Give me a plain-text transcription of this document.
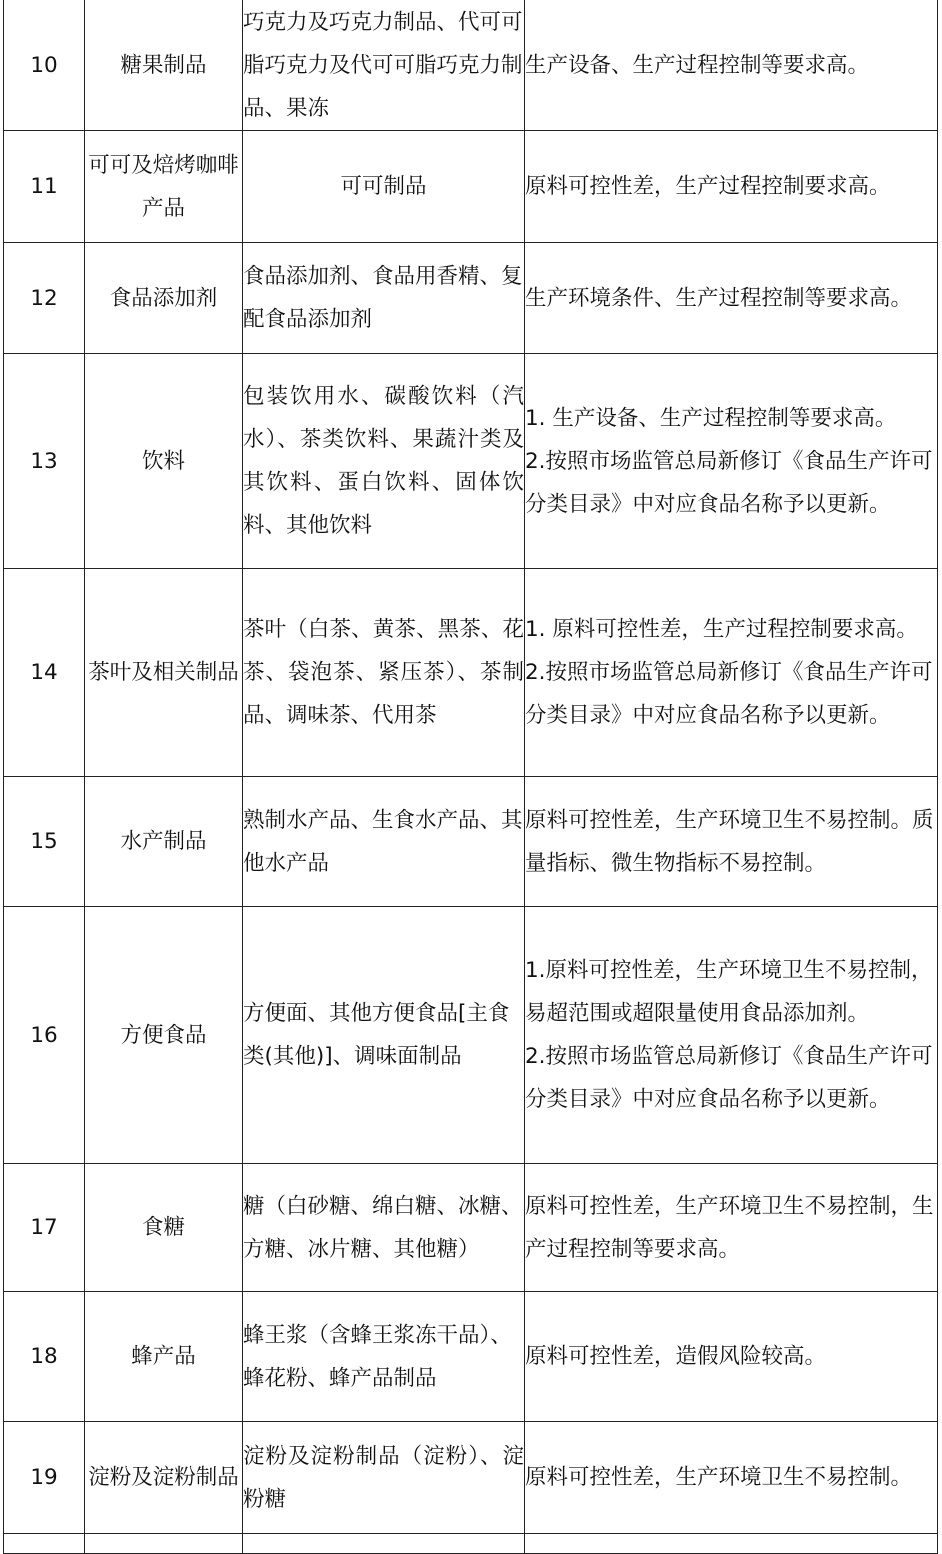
10	糖果制品	巧克力及巧克力制品、代可可脂巧克力及代可可脂巧克力制品、果冻	生产设备、生产过程控制等要求高。

11	可可及焙烤咖啡产品	可可制品	原料可控性差，生产过程控制要求高。

12	食品添加剂	食品添加剂、食品用香精、复配食品添加剂	生产环境条件、生产过程控制等要求高。

13	饮料	包装饮用水、碳酸饮料（汽水）、茶类饮料、果蔬汁类及其饮料、蛋白饮料、固体饮料、其他饮料	1. 生产设备、生产过程控制等要求高。
2.按照市场监管总局新修订《食品生产许可分类目录》中对应食品名称予以更新。

14	茶叶及相关制品	茶叶（白茶、黄茶、黑茶、花茶、袋泡茶、紧压茶）、茶制品、调味茶、代用茶	1. 原料可控性差，生产过程控制要求高。
2.按照市场监管总局新修订《食品生产许可分类目录》中对应食品名称予以更新。

15	水产制品	熟制水产品、生食水产品、其他水产品	原料可控性差，生产环境卫生不易控制。质量指标、微生物指标不易控制。

16	方便食品	方便面、其他方便食品[主食类(其他)]、调味面制品	1.原料可控性差，生产环境卫生不易控制，易超范围或超限量使用食品添加剂。
2.按照市场监管总局新修订《食品生产许可分类目录》中对应食品名称予以更新。

17	食糖	糖（白砂糖、绵白糖、冰糖、方糖、冰片糖、其他糖）	原料可控性差，生产环境卫生不易控制，生产过程控制等要求高。

18	蜂产品	蜂王浆（含蜂王浆冻干品）、蜂花粉、蜂产品制品	原料可控性差，造假风险较高。

19	淀粉及淀粉制品	淀粉及淀粉制品（淀粉）、淀粉糖	原料可控性差，生产环境卫生不易控制。
